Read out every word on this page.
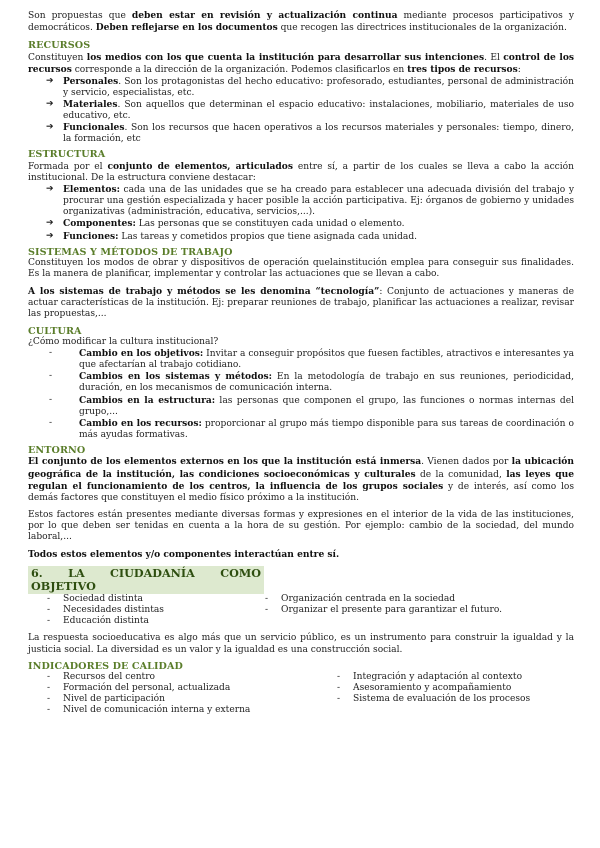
Son propuestas que deben estar en revisión y actualización continua mediante procesos participativos y democráticos. Deben reflejarse en los documentos que recogen las directrices institucionales de la organización.

RECURSOS

Constituyen los medios con los que cuenta la institución para desarrollar sus intenciones. El control de los recursos corresponde a la dirección de la organización. Podemos clasificarlos en tres tipos de recursos:

➔ Personales. Son los protagonistas del hecho educativo: profesorado, estudiantes, personal de administración y servicio, especialistas, etc.
➔ Materiales. Son aquellos que determinan el espacio educativo: instalaciones, mobiliario, materiales de uso educativo, etc.
➔ Funcionales. Son los recursos que hacen operativos a los recursos materiales y personales: tiempo, dinero, la formación, etc
ESTRUCTURA

Formada por el conjunto de elementos, articulados entre sí, a partir de los cuales se lleva a cabo la acción institucional. De la estructura conviene destacar:

➔ Elementos: cada una de las unidades que se ha creado para establecer una adecuada división del trabajo y procurar una gestión especializada y hacer posible la acción participativa. Ej: órganos de gobierno y unidades organizativas (administración, educativa, servicios,...).
➔ Componentes: Las personas que se constituyen cada unidad o elemento.
➔ Funciones: Las tareas y cometidos propios que tiene asignada cada unidad.
SISTEMAS Y MÉTODOS DE TRABAJO

Constituyen los modos de obrar y dispositivos de operación quelainstitución emplea para conseguir sus finalidades. Es la manera de planificar, implementar y controlar las actuaciones que se llevan a cabo.

A los sistemas de trabajo y métodos se les denomina “tecnología”: Conjunto de actuaciones y maneras de actuar características de la institución. Ej: preparar reuniones de trabajo, planificar las actuaciones a realizar, revisar las propuestas,...

CULTURA

¿Cómo modificar la cultura institucional?

-	Cambio en los objetivos: Invitar a conseguir propósitos que fuesen factibles, atractivos e interesantes ya que afectarían al trabajo cotidiano.
-	Cambios en los sistemas y métodos: En la metodología de trabajo en sus reuniones, periodicidad, duración, en los mecanismos de comunicación interna.
-	Cambios en la estructura: las personas que componen el grupo, las funciones o normas internas del grupo,...
-	Cambio en los recursos: proporcionar al grupo más tiempo disponible para sus tareas de coordinación o más ayudas formativas.
ENTORNO

El conjunto de los elementos externos en los que la institución está inmersa. Vienen dados por la ubicación geográfica de la institución, las condiciones socioeconómicas y culturales de la comunidad, las leyes que regulan el funcionamiento de los centros, la influencia de los grupos sociales y de interés, así como los demás factores que constituyen el medio físico próximo a la institución.

Estos factores están presentes mediante diversas formas y expresiones en el interior de la vida de las instituciones, por lo que deben ser tenidas en cuenta a la hora de su gestión. Por ejemplo: cambio de la sociedad, del mundo laboral,...

Todos estos elementos y/o componentes interactúan entre sí.

6. LA CIUDADANÍA COMO OBJETIVO
- Sociedad distinta
- Necesidades distintas
- Educación distinta
- Organización centrada en la sociedad
- Organizar el presente para garantizar el futuro.

La respuesta socioeducativa es algo más que un servicio público, es un instrumento para construir la igualdad y la justicia social. La diversidad es un valor y la igualdad es una construcción social.

INDICADORES DE CALIDAD
- Recursos del centro
- Formación del personal, actualizada
- Nivel de participación
- Nivel de comunicación interna y externa
- Integración y adaptación al contexto
- Asesoramiento y acompañamiento
- Sistema de evaluación de los procesos
